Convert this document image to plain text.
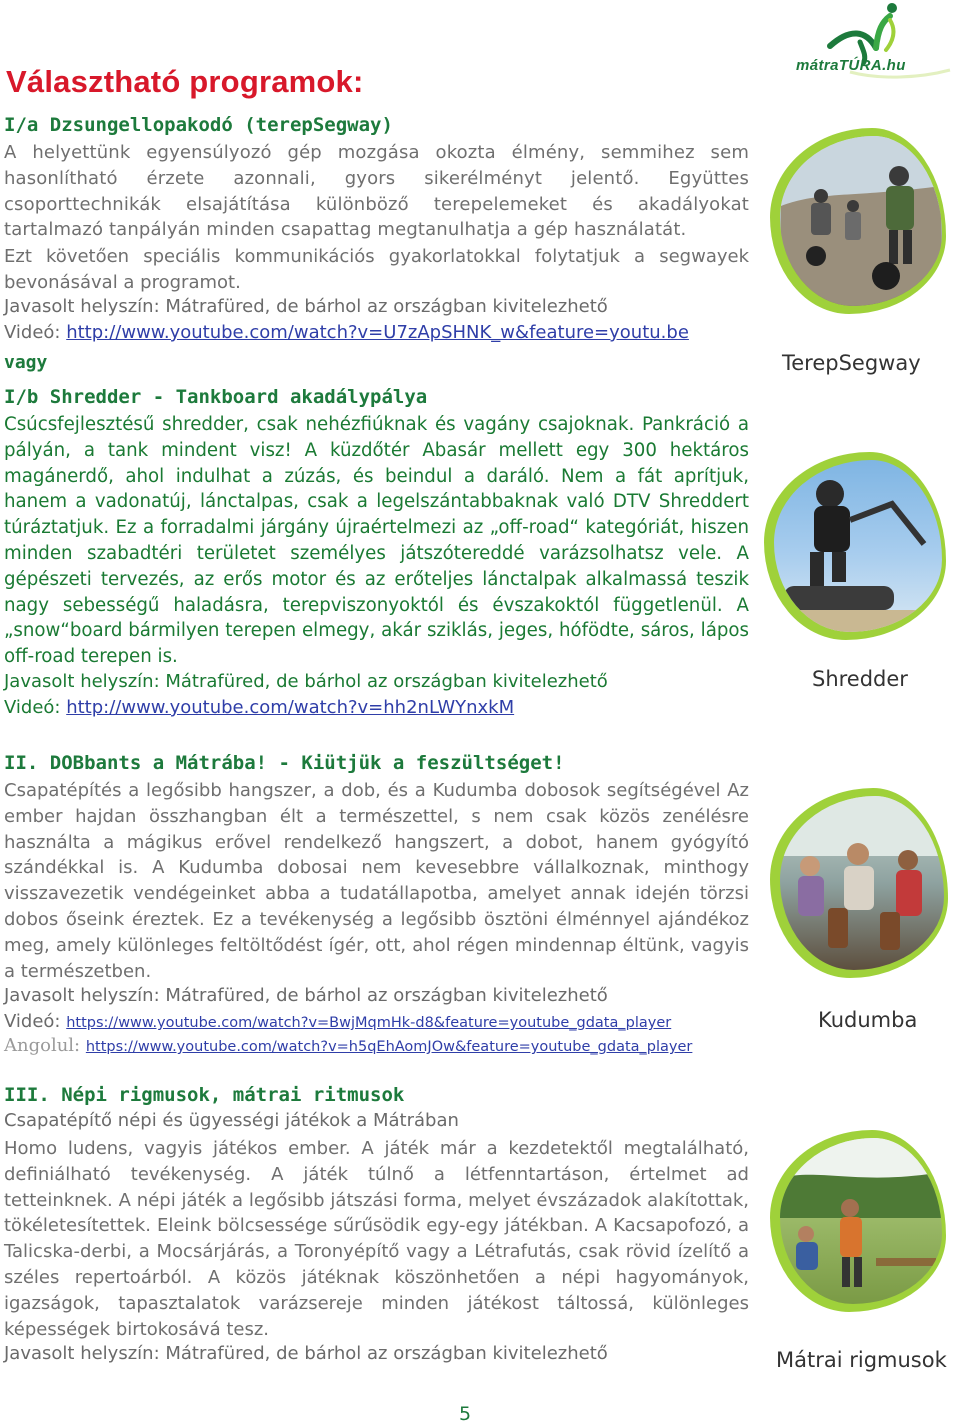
mátraTÚRA.hu

Választható programok:
I/a Dzsungellopakodó (terepSegway)

A helyettünk egyensúlyozó gép mozgása okozta élmény, semmihez sem hasonlítható érzete azonnali, gyors sikerélményt jelentő. Együttes csoporttechnikák elsajátítása különböző terepelemeket és akadályokat tartalmazó tanpályán minden csapattag megtanulhatja a gép használatát.

Ezt követően speciális kommunikációs gyakorlatokkal folytatjuk a segwayek bevonásával a programot.

Javasolt helyszín: Mátrafüred, de bárhol az országban kivitelezhető

Videó: http://www.youtube.com/watch?v=U7zApSHNK_w&feature=youtu.be

vagy

I/b Shredder - Tankboard akadálypálya

Csúcsfejlesztésű shredder, csak nehézfiúknak és vagány csajoknak. Pankráció a pályán, a tank mindent visz! A küzdőtér Abasár mellett egy 300 hektáros magánerdő, ahol indulhat a zúzás, és beindul a daráló. Nem a fát aprítjuk, hanem a vadonatúj, lánctalpas, csak a legelszántabbaknak való DTV Shreddert túráztatjuk. Ez a forradalmi járgány újraértelmezi az „off-road“ kategóriát, hiszen minden szabadtéri területet személyes játszótereddé varázsolhatsz vele. A gépészeti tervezés, az erős motor és az erőteljes lánctalpak alkalmassá teszik nagy sebességű haladásra, terepviszonyoktól és évszakoktól függetlenül. A „snow“board bármilyen terepen elmegy, akár sziklás, jeges, hófödte, sáros, lápos off-road terepen is.

Javasolt helyszín: Mátrafüred, de bárhol az országban kivitelezhető

Videó: http://www.youtube.com/watch?v=hh2nLWYnxkM

II. DOBbants a Mátrába! - Kiütjük a feszültséget!

Csapatépítés a legősibb hangszer, a dob, és a Kudumba dobosok segítségével Az ember hajdan összhangban élt a természettel, s nem csak közös zenélésre használta a mágikus erővel rendelkező hangszert, a dobot, hanem gyógyító szándékkal is. A Kudumba dobosai nem kevesebbre vállalkoznak, minthogy visszavezetik vendégeinket abba a tudatállapotba, amelyet annak idején törzsi dobos őseink éreztek. Ez a tevékenység a legősibb ösztöni élménnyel ajándékoz meg, amely különleges feltöltődést ígér, ott, ahol régen mindennap éltünk, vagyis a természetben.

Javasolt helyszín: Mátrafüred, de bárhol az országban kivitelezhető

Videó: https://www.youtube.com/watch?v=BwjMqmHk-d8&feature=youtube_gdata_player

Angolul: https://www.youtube.com/watch?v=h5qEhAomJOw&feature=youtube_gdata_player

III. Népi rigmusok, mátrai ritmusok

Csapatépítő népi és ügyességi játékok a Mátrában

Homo ludens, vagyis játékos ember. A játék már a kezdetektől megtalálható, definiálható tevékenység. A játék túlnő a létfenntartáson, értelmet ad tetteinknek. A népi játék a legősibb játszási forma, melyet évszázadok alakítottak, tökéletesítettek. Eleink bölcsessége sűrűsödik egy-egy játékban. A Kacsapofozó, a Talicska-derbi, a Mocsárjárás, a Toronyépítő vagy a Létrafutás, csak rövid ízelítő a széles repertoárból. A közös játéknak köszönhetően a népi hagyományok, igazságok, tapasztalatok varázsereje minden játékost táltossá, különleges képességek birtokosává tesz.

Javasolt helyszín: Mátrafüred, de bárhol az országban kivitelezhető

TerepSegway

Shredder

Kudumba

Mátrai rigmusok

5
